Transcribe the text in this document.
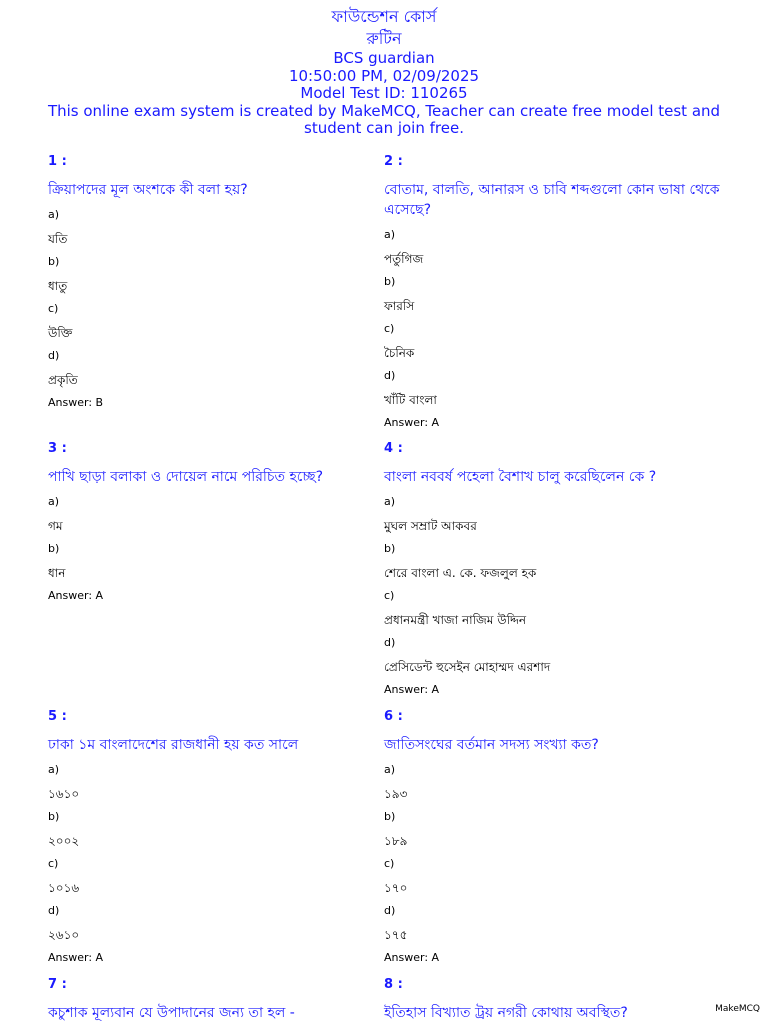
ফাউন্ডেশন কোর্স
রুটিন
BCS guardian
10:50:00 PM, 02/09/2025
Model Test ID: 110265
This online exam system is created by MakeMCQ, Teacher can create free model test and student can join free.
1 :
ক্রিয়াপদের মূল অংশকে কী বলা হয়?
a)
যতি
b)
ধাতু
c)
উক্তি
d)
প্রকৃতি
Answer: B
2 :
বোতাম, বালতি, আনারস ও চাবি শব্দগুলো কোন ভাষা থেকে এসেছে?
a)
পর্তুগিজ
b)
ফারসি
c)
চৈনিক
d)
খাঁটি বাংলা
Answer: A
3 :
পাখি ছাড়া বলাকা ও দোয়েল নামে পরিচিত হচ্ছে?
a)
গম
b)
ধান
Answer: A
4 :
বাংলা নববর্ষ পহেলা বৈশাখ চালু করেছিলেন কে ?
a)
মুঘল সম্রাট আকবর
b)
শেরে বাংলা এ. কে. ফজলুল হক
c)
প্রধানমন্ত্রী খাজা নাজিম উদ্দিন
d)
প্রেসিডেন্ট হুসেইন মোহাম্মদ এরশাদ
Answer: A
5 :
ঢাকা ১ম বাংলাদেশের রাজধানী হয় কত সালে
a)
১৬১০
b)
২০০২
c)
১০১৬
d)
২৬১০
Answer: A
6 :
জাতিসংঘের বর্তমান সদস্য সংখ্যা কত?
a)
১৯৩
b)
১৮৯
c)
১৭০
d)
১৭৫
Answer: A
7 :
কচুশাক মূল্যবান যে উপাদানের জন্য তা হল -
8 :
ইতিহাস বিখ্যাত ট্রয় নগরী কোথায় অবস্থিত?	MakeMCQ
